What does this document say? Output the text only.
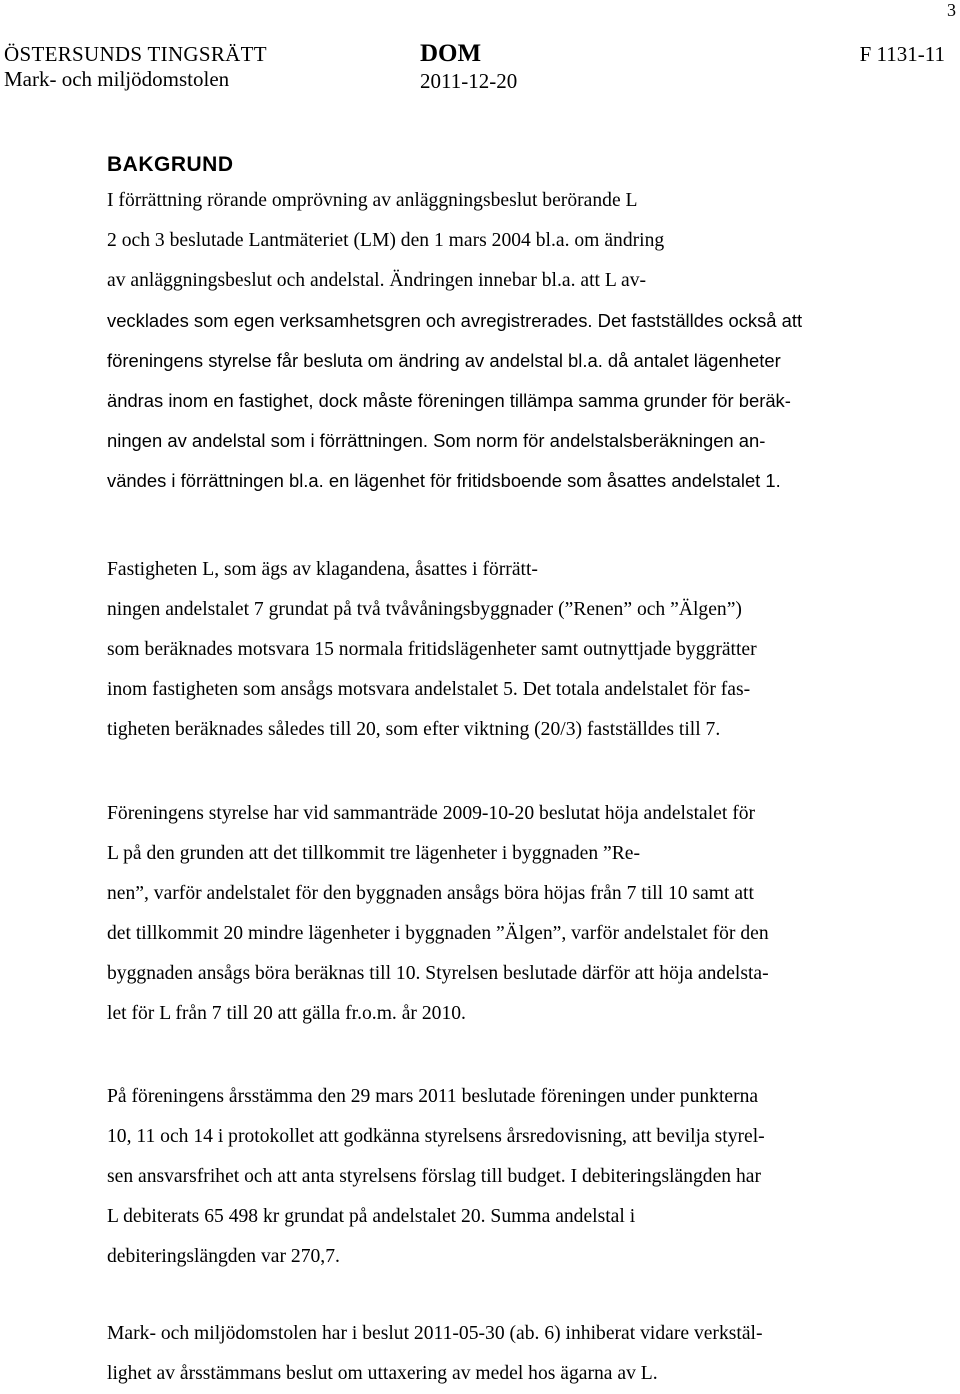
3
ÖSTERSUNDS TINGSRÄTT
Mark- och miljödomstolen
DOM
2011-12-20
F 1131-11
BAKGRUND
I förrättning rörande omprövning av anläggningsbeslut berörande L
2 och 3 beslutade Lantmäteriet (LM) den 1 mars 2004 bl.a. om ändring
av anläggningsbeslut och andelstal. Ändringen innebar bl.a. att L av-
vecklades som egen verksamhetsgren och avregistrerades. Det fastställdes också att
föreningens styrelse får besluta om ändring av andelstal bl.a. då antalet lägenheter
ändras inom en fastighet, dock måste föreningen tillämpa samma grunder för beräk-
ningen av andelstal som i förrättningen. Som norm för andelstalsberäkningen an-
vändes i förrättningen bl.a. en lägenhet för fritidsboende som åsattes andelstalet 1.
Fastigheten L, som ägs av klagandena, åsattes i förrätt-
ningen andelstalet 7 grundat på två tvåvåningsbyggnader (”Renen” och ”Älgen”)
som beräknades motsvara 15 normala fritidslägenheter samt outnyttjade byggrätter
inom fastigheten som ansågs motsvara andelstalet 5. Det totala andelstalet för fas-
tigheten beräknades således till 20, som efter viktning (20/3) fastställdes till 7.
Föreningens styrelse har vid sammanträde 2009-10-20 beslutat höja andelstalet för
L på den grunden att det tillkommit tre lägenheter i byggnaden ”Re-
nen”, varför andelstalet för den byggnaden ansågs böra höjas från 7 till 10 samt att
det tillkommit 20 mindre lägenheter i byggnaden ”Älgen”, varför andelstalet för den
byggnaden ansågs böra beräknas till 10. Styrelsen beslutade därför att höja andelsta-
let för L från 7 till 20 att gälla fr.o.m. år 2010.
På föreningens årsstämma den 29 mars 2011 beslutade föreningen under punkterna
10, 11 och 14 i protokollet att godkänna styrelsens årsredovisning, att bevilja styrel-
sen ansvarsfrihet och att anta styrelsens förslag till budget. I debiteringslängden har
L debiterats 65 498 kr grundat på andelstalet 20. Summa andelstal i
debiteringslängden var 270,7.
Mark- och miljödomstolen har i beslut 2011-05-30 (ab. 6) inhiberat vidare verkstäl-
lighet av årsstämmans beslut om uttaxering av medel hos ägarna av L.
